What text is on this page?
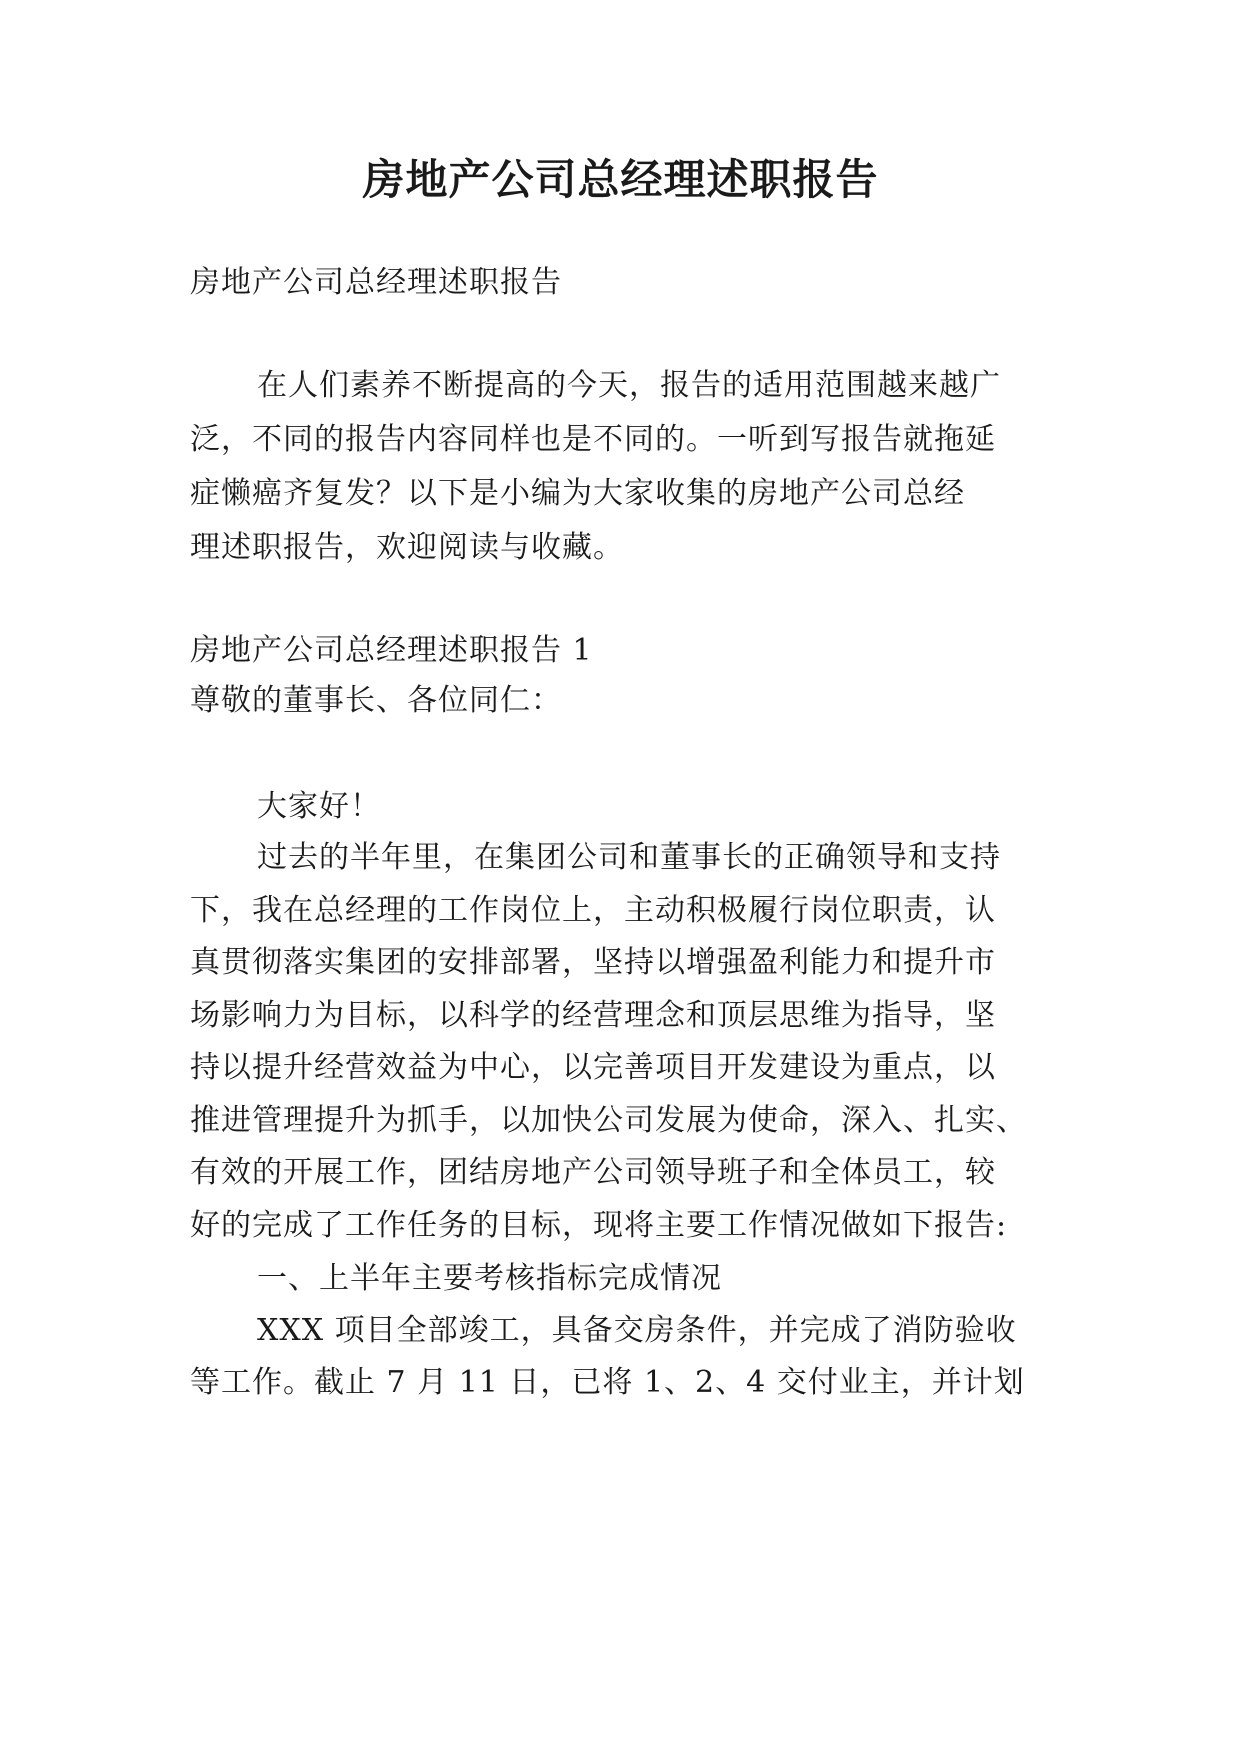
房地产公司总经理述职报告
房地产公司总经理述职报告
在人们素养不断提高的今天，报告的适用范围越来越广
泛，不同的报告内容同样也是不同的。一听到写报告就拖延
症懒癌齐复发？以下是小编为大家收集的房地产公司总经
理述职报告，欢迎阅读与收藏。
房地产公司总经理述职报告 1
尊敬的董事长、各位同仁：
大家好！
过去的半年里，在集团公司和董事长的正确领导和支持
下，我在总经理的工作岗位上，主动积极履行岗位职责，认
真贯彻落实集团的安排部署，坚持以增强盈利能力和提升市
场影响力为目标，以科学的经营理念和顶层思维为指导，坚
持以提升经营效益为中心，以完善项目开发建设为重点，以
推进管理提升为抓手，以加快公司发展为使命，深入、扎实、
有效的开展工作，团结房地产公司领导班子和全体员工，较
好的完成了工作任务的目标，现将主要工作情况做如下报告:
一、上半年主要考核指标完成情况
XXX 项目全部竣工，具备交房条件，并完成了消防验收
等工作。截止 7 月 11 日，已将 1、2、4 交付业主，并计划
